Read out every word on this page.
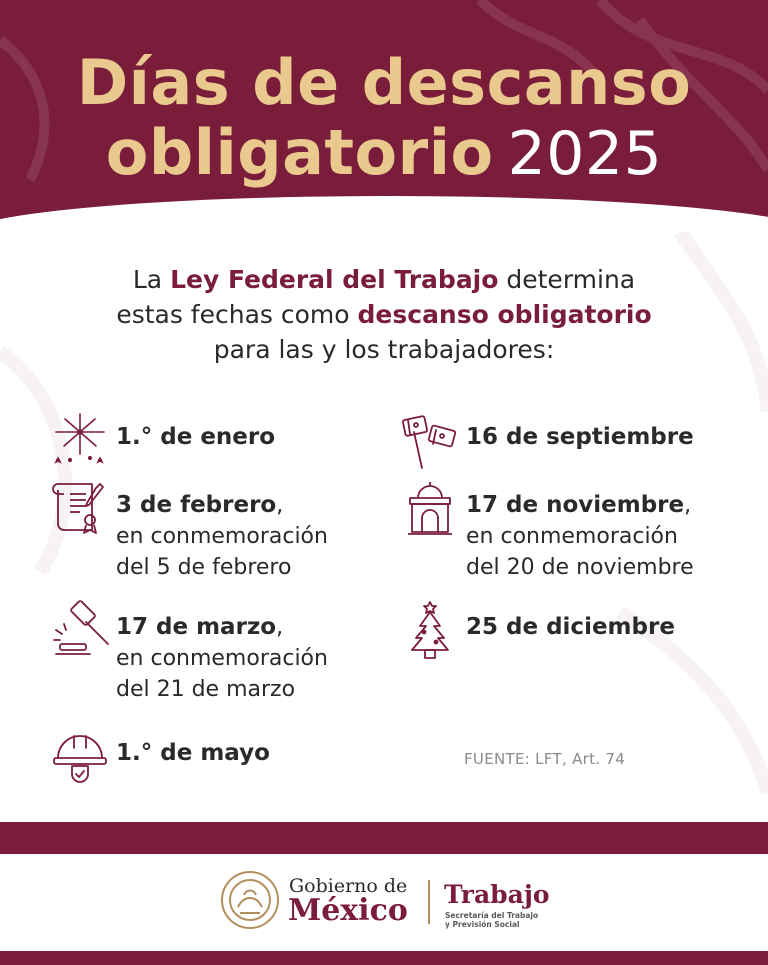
Días de descanso
obligatorio 2025
La Ley Federal del Trabajo determina
estas fechas como descanso obligatorio
para las y los trabajadores:
1.° de enero
3 de febrero,
en conmemoración
del 5 de febrero
17 de marzo,
en conmemoración
del 21 de marzo
1.° de mayo
16 de septiembre
17 de noviembre,
en conmemoración
del 20 de noviembre
25 de diciembre
FUENTE: LFT, Art. 74
Gobierno de
México Trabajo
Secretaría del Trabajo
y Previsión Social
